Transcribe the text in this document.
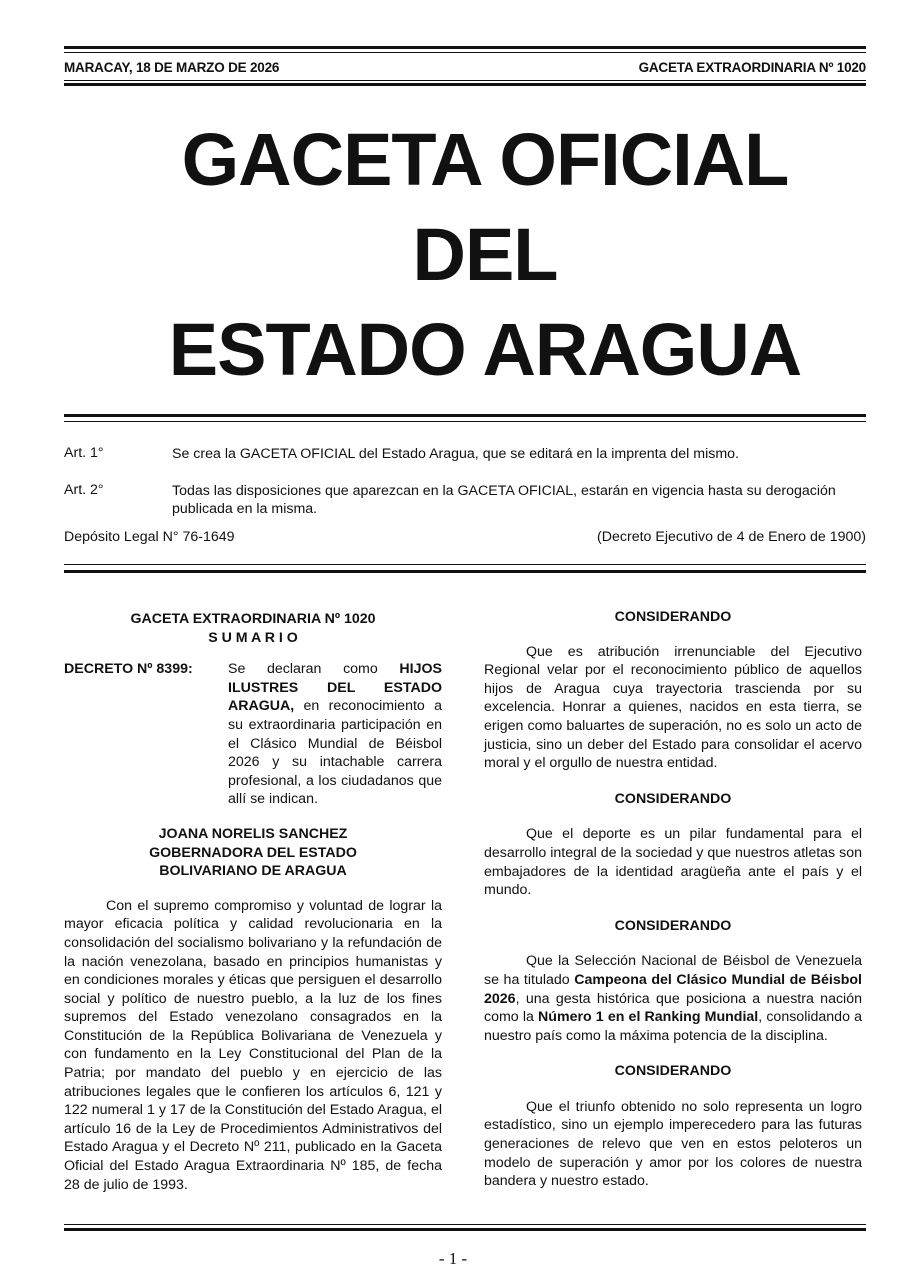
MARACAY, 18 DE MARZO DE 2026	GACETA EXTRAORDINARIA Nº 1020
GACETA OFICIAL
DEL
ESTADO ARAGUA
Art. 1°	Se crea la GACETA OFICIAL del Estado Aragua, que se editará en la imprenta del mismo.
Art. 2°	Todas las disposiciones que aparezcan en la GACETA OFICIAL, estarán en vigencia hasta su derogación publicada en la misma.
Depósito Legal N° 76-1649	(Decreto Ejecutivo de 4 de Enero de 1900)
GACETA EXTRAORDINARIA Nº 1020
S U M A R I O
DECRETO Nº 8399:	Se declaran como HIJOS ILUSTRES DEL ESTADO ARAGUA, en reconocimiento a su extraordinaria participación en el Clásico Mundial de Béisbol 2026 y su intachable carrera profesional, a los ciudadanos que allí se indican.
JOANA NORELIS SANCHEZ
GOBERNADORA DEL ESTADO
BOLIVARIANO DE ARAGUA

Con el supremo compromiso y voluntad de lograr la mayor eficacia política y calidad revolucionaria en la consolidación del socialismo bolivariano y la refundación de la nación venezolana, basado en principios humanistas y en condiciones morales y éticas que persiguen el desarrollo social y político de nuestro pueblo, a la luz de los fines supremos del Estado venezolano consagrados en la Constitución de la República Bolivariana de Venezuela y con fundamento en la Ley Constitucional del Plan de la Patria; por mandato del pueblo y en ejercicio de las atribuciones legales que le confieren los artículos 6, 121 y 122 numeral 1 y 17 de la Constitución del Estado Aragua, el artículo 16 de la Ley de Procedimientos Administrativos del Estado Aragua y el Decreto Nº 211, publicado en la Gaceta Oficial del Estado Aragua Extraordinaria Nº 185, de fecha 28 de julio de 1993.

CONSIDERANDO

Que es atribución irrenunciable del Ejecutivo Regional velar por el reconocimiento público de aquellos hijos de Aragua cuya trayectoria trascienda por su excelencia. Honrar a quienes, nacidos en esta tierra, se erigen como baluartes de superación, no es solo un acto de justicia, sino un deber del Estado para consolidar el acervo moral y el orgullo de nuestra entidad.

CONSIDERANDO

Que el deporte es un pilar fundamental para el desarrollo integral de la sociedad y que nuestros atletas son embajadores de la identidad aragüeña ante el país y el mundo.

CONSIDERANDO

Que la Selección Nacional de Béisbol de Venezuela se ha titulado Campeona del Clásico Mundial de Béisbol 2026, una gesta histórica que posiciona a nuestra nación como la Número 1 en el Ranking Mundial, consolidando a nuestro país como la máxima potencia de la disciplina.

CONSIDERANDO

Que el triunfo obtenido no solo representa un logro estadístico, sino un ejemplo imperecedero para las futuras generaciones de relevo que ven en estos peloteros un modelo de superación y amor por los colores de nuestra bandera y nuestro estado.

- 1 -
